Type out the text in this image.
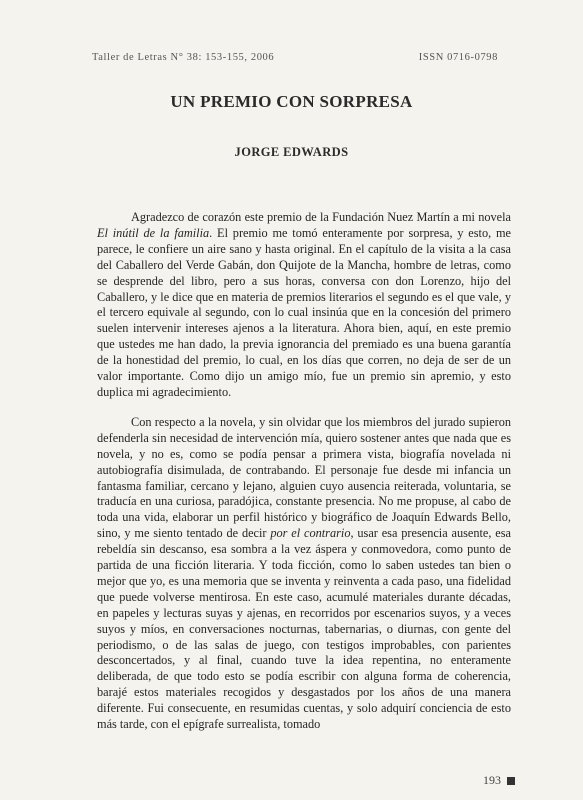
Taller de Letras N° 38: 153-155, 2006	ISSN 0716-0798
UN PREMIO CON SORPRESA
JORGE EDWARDS

Agradezco de corazón este premio de la Fundación Nuez Martín a mi novela El inútil de la familia. El premio me tomó enteramente por sorpresa, y esto, me parece, le confiere un aire sano y hasta original. En el capítulo de la visita a la casa del Caballero del Verde Gabán, don Quijote de la Mancha, hombre de letras, como se desprende del libro, pero a sus horas, conversa con don Lorenzo, hijo del Caballero, y le dice que en materia de premios literarios el segundo es el que vale, y el tercero equivale al segundo, con lo cual insinúa que en la concesión del primero suelen intervenir intereses ajenos a la literatura. Ahora bien, aquí, en este premio que ustedes me han dado, la previa ignorancia del premiado es una buena garantía de la honestidad del premio, lo cual, en los días que corren, no deja de ser de un valor importante. Como dijo un amigo mío, fue un premio sin apremio, y esto duplica mi agradecimiento.

Con respecto a la novela, y sin olvidar que los miembros del jurado supieron defenderla sin necesidad de intervención mía, quiero sostener antes que nada que es novela, y no es, como se podía pensar a primera vista, biografía novelada ni autobiografía disimulada, de contrabando. El personaje fue desde mi infancia un fantasma familiar, cercano y lejano, alguien cuyo ausencia reiterada, voluntaria, se traducía en una curiosa, paradójica, constante presencia. No me propuse, al cabo de toda una vida, elaborar un perfil histórico y biográfico de Joaquín Edwards Bello, sino, y me siento tentado de decir por el contrario, usar esa presencia ausente, esa rebeldía sin descanso, esa sombra a la vez áspera y conmovedora, como punto de partida de una ficción literaria. Y toda ficción, como lo saben ustedes tan bien o mejor que yo, es una memoria que se inventa y reinventa a cada paso, una fidelidad que puede volverse mentirosa. En este caso, acumulé materiales durante décadas, en papeles y lecturas suyas y ajenas, en recorridos por escenarios suyos, y a veces suyos y míos, en conversaciones nocturnas, tabernarias, o diurnas, con gente del periodismo, o de las salas de juego, con testigos improbables, con parientes desconcertados, y al final, cuando tuve la idea repentina, no enteramente deliberada, de que todo esto se podía escribir con alguna forma de coherencia, barajé estos materiales recogidos y desgastados por los años de una manera diferente. Fui consecuente, en resumidas cuentas, y solo adquirí conciencia de esto más tarde, con el epígrafe surrealista, tomado

193
